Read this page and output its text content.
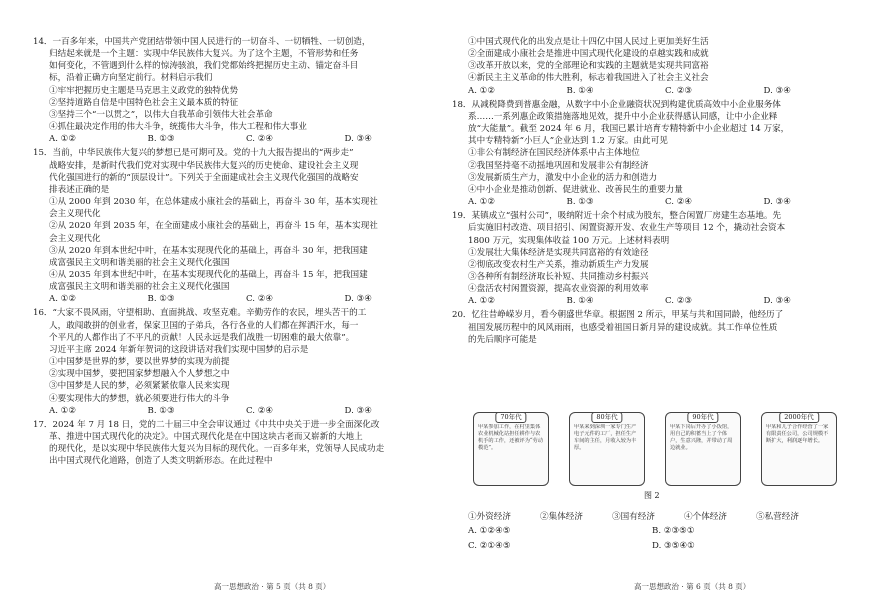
14．一百多年来，中国共产党团结带领中国人民进行的一切奋斗、一切牺牲、一切创造，
归结起来就是一个主题：实现中华民族伟大复兴。为了这个主题，不管形势和任务
如何变化，不管遇到什么样的惊涛骇浪，我们党都始终把握历史主动、锚定奋斗目
标，沿着正确方向坚定前行。材料启示我们
①牢牢把握历史主题是马克思主义政党的独特优势
②坚持道路自信是中国特色社会主义最本质的特征
③坚持三个“一以贯之”，以伟大自我革命引领伟大社会革命
④抓住最决定作用的伟大斗争，统揽伟大斗争，伟大工程和伟大事业
A. ①②	B. ①③	C. ②④	D. ③④
15．当前，中华民族伟大复兴的梦想已是可期可及。党的十九大报告提出的“两步走”
战略安排，是新时代我们党对实现中华民族伟大复兴的历史使命、建设社会主义现
代化强国进行的新的“顶层设计”。下列关于全面建成社会主义现代化强国的战略安
排表述正确的是
①从 2000 年到 2030 年，在总体建成小康社会的基础上，再奋斗 30 年，基本实现社
会主义现代化
②从 2020 年到 2035 年，在全面建成小康社会的基础上，再奋斗 15 年，基本实现社
会主义现代化
③从 2020 年到本世纪中叶，在基本实现现代化的基础上，再奋斗 30 年，把我国建
成富强民主文明和谐美丽的社会主义现代化强国
④从 2035 年到本世纪中叶，在基本实现现代化的基础上，再奋斗 15 年，把我国建
成富强民主文明和谐美丽的社会主义现代化强国
A. ①②	B. ①③	C. ②④	D. ③④
16．“大家不畏风雨，守望相助、直面挑战、攻坚克难。辛勤劳作的农民，埋头苦干的工
人，敢闯敢拼的创业者，保家卫国的子弟兵，各行各业的人们都在挥洒汗水，每一
个平凡的人都作出了不平凡的贡献！人民永远是我们战胜一切困难的最大依靠”。
习近平主席 2024 年新年贺词的这段讲话对我们实现中国梦的启示是
①中国梦是世界的梦，要以世界梦的实现为前提
②实现中国梦，要把国家梦想融入个人梦想之中
③中国梦是人民的梦，必须紧紧依靠人民来实现
④要实现伟大的梦想，就必须要进行伟大的斗争
A. ①②	B. ①③	C. ②④	D. ③④
17．2024 年 7 月 18 日，党的二十届三中全会审议通过《中共中央关于进一步全面深化改
革、推进中国式现代化的决定》。中国式现代化是在中国这块古老而又崭新的大地上
的现代化，是以实现中华民族伟大复兴为目标的现代化。一百多年来，党领导人民成功走
出中国式现代化道路，创造了人类文明新形态。在此过程中
高一思想政治 · 第 5 页（共 8 页）
①中国式现代化的出发点是让十四亿中国人民过上更加美好生活
②全面建成小康社会是推进中国式现代化建设的卓越实践和成就
③改革开放以来，党的全部理论和实践的主题就是实现共同富裕
④新民主主义革命的伟大胜利，标志着我国进入了社会主义社会
A. ①②	B. ①④	C. ②③	D. ③④
18．从减税降费到普惠金融，从数字中小企业融资状况到构建优质高效中小企业服务体
系……一系列惠企政策措施落地见效，提升中小企业获得感认同感，让中小企业释
放“大能量”。截至 2024 年 6 月，我国已累计培育专精特新中小企业超过 14 万家，
其中专精特新“小巨人”企业达到 1.2 万家。由此可见
①非公有制经济在国民经济体系中占主体地位
②我国坚持毫不动摇地巩固和发展非公有制经济
③发展新质生产力，激发中小企业的活力和创造力
④中小企业是推动创新、促进就业、改善民生的重要力量
A. ①②	B. ①③	C. ②④	D. ③④
19．某镇成立“强村公司”，吸纳附近十余个村成为股东，整合闲置厂房建生态基地。先
后实施旧村改造、项目招引、闲置资源开发、农业生产等项目 12 个，撬动社会资本
1800 万元，实现集体收益 100 万元。上述材料表明
①发展壮大集体经济是实现共同富裕的有效途径
②彻底改变农村生产关系，推动新质生产力发展
③各种所有制经济取长补短、共同推动乡村振兴
④盘活农村闲置资源，提高农业资源的利用效率
A. ①②	B. ①④	C. ②③	D. ③④
20．忆往昔峥嵘岁月，看今朝盛世华章。根据图 2 所示，甲某与共和国同龄，他经历了
祖国发展历程中的风风雨雨，也感受着祖国日新月异的建设成就。其工作单位性质
的先后顺序可能是
70年代
甲某参加工作，在村里集体农业机械化站担任耕作与农机手的工作，还被评为“劳动模范”。
80年代
甲某来到深圳一家专门生产电子元件的工厂，担任生产车间的主任，月收入较为丰厚。
90年代
甲某下岗后开办了小饭馆，用自己的积蓄当上了个体户，生意兴隆，并带动了周边就业。
2000年代
甲某和儿子合作经营了一家有限责任公司，公司规模不断扩大，利润逐年增长。
图 2
①外资经济	②集体经济	③国有经济	④个体经济	⑤私营经济
A. ①②④⑤	B. ②③⑤①
C. ②①④⑤	D. ③⑤④①
高一思想政治 · 第 6 页（共 8 页）
